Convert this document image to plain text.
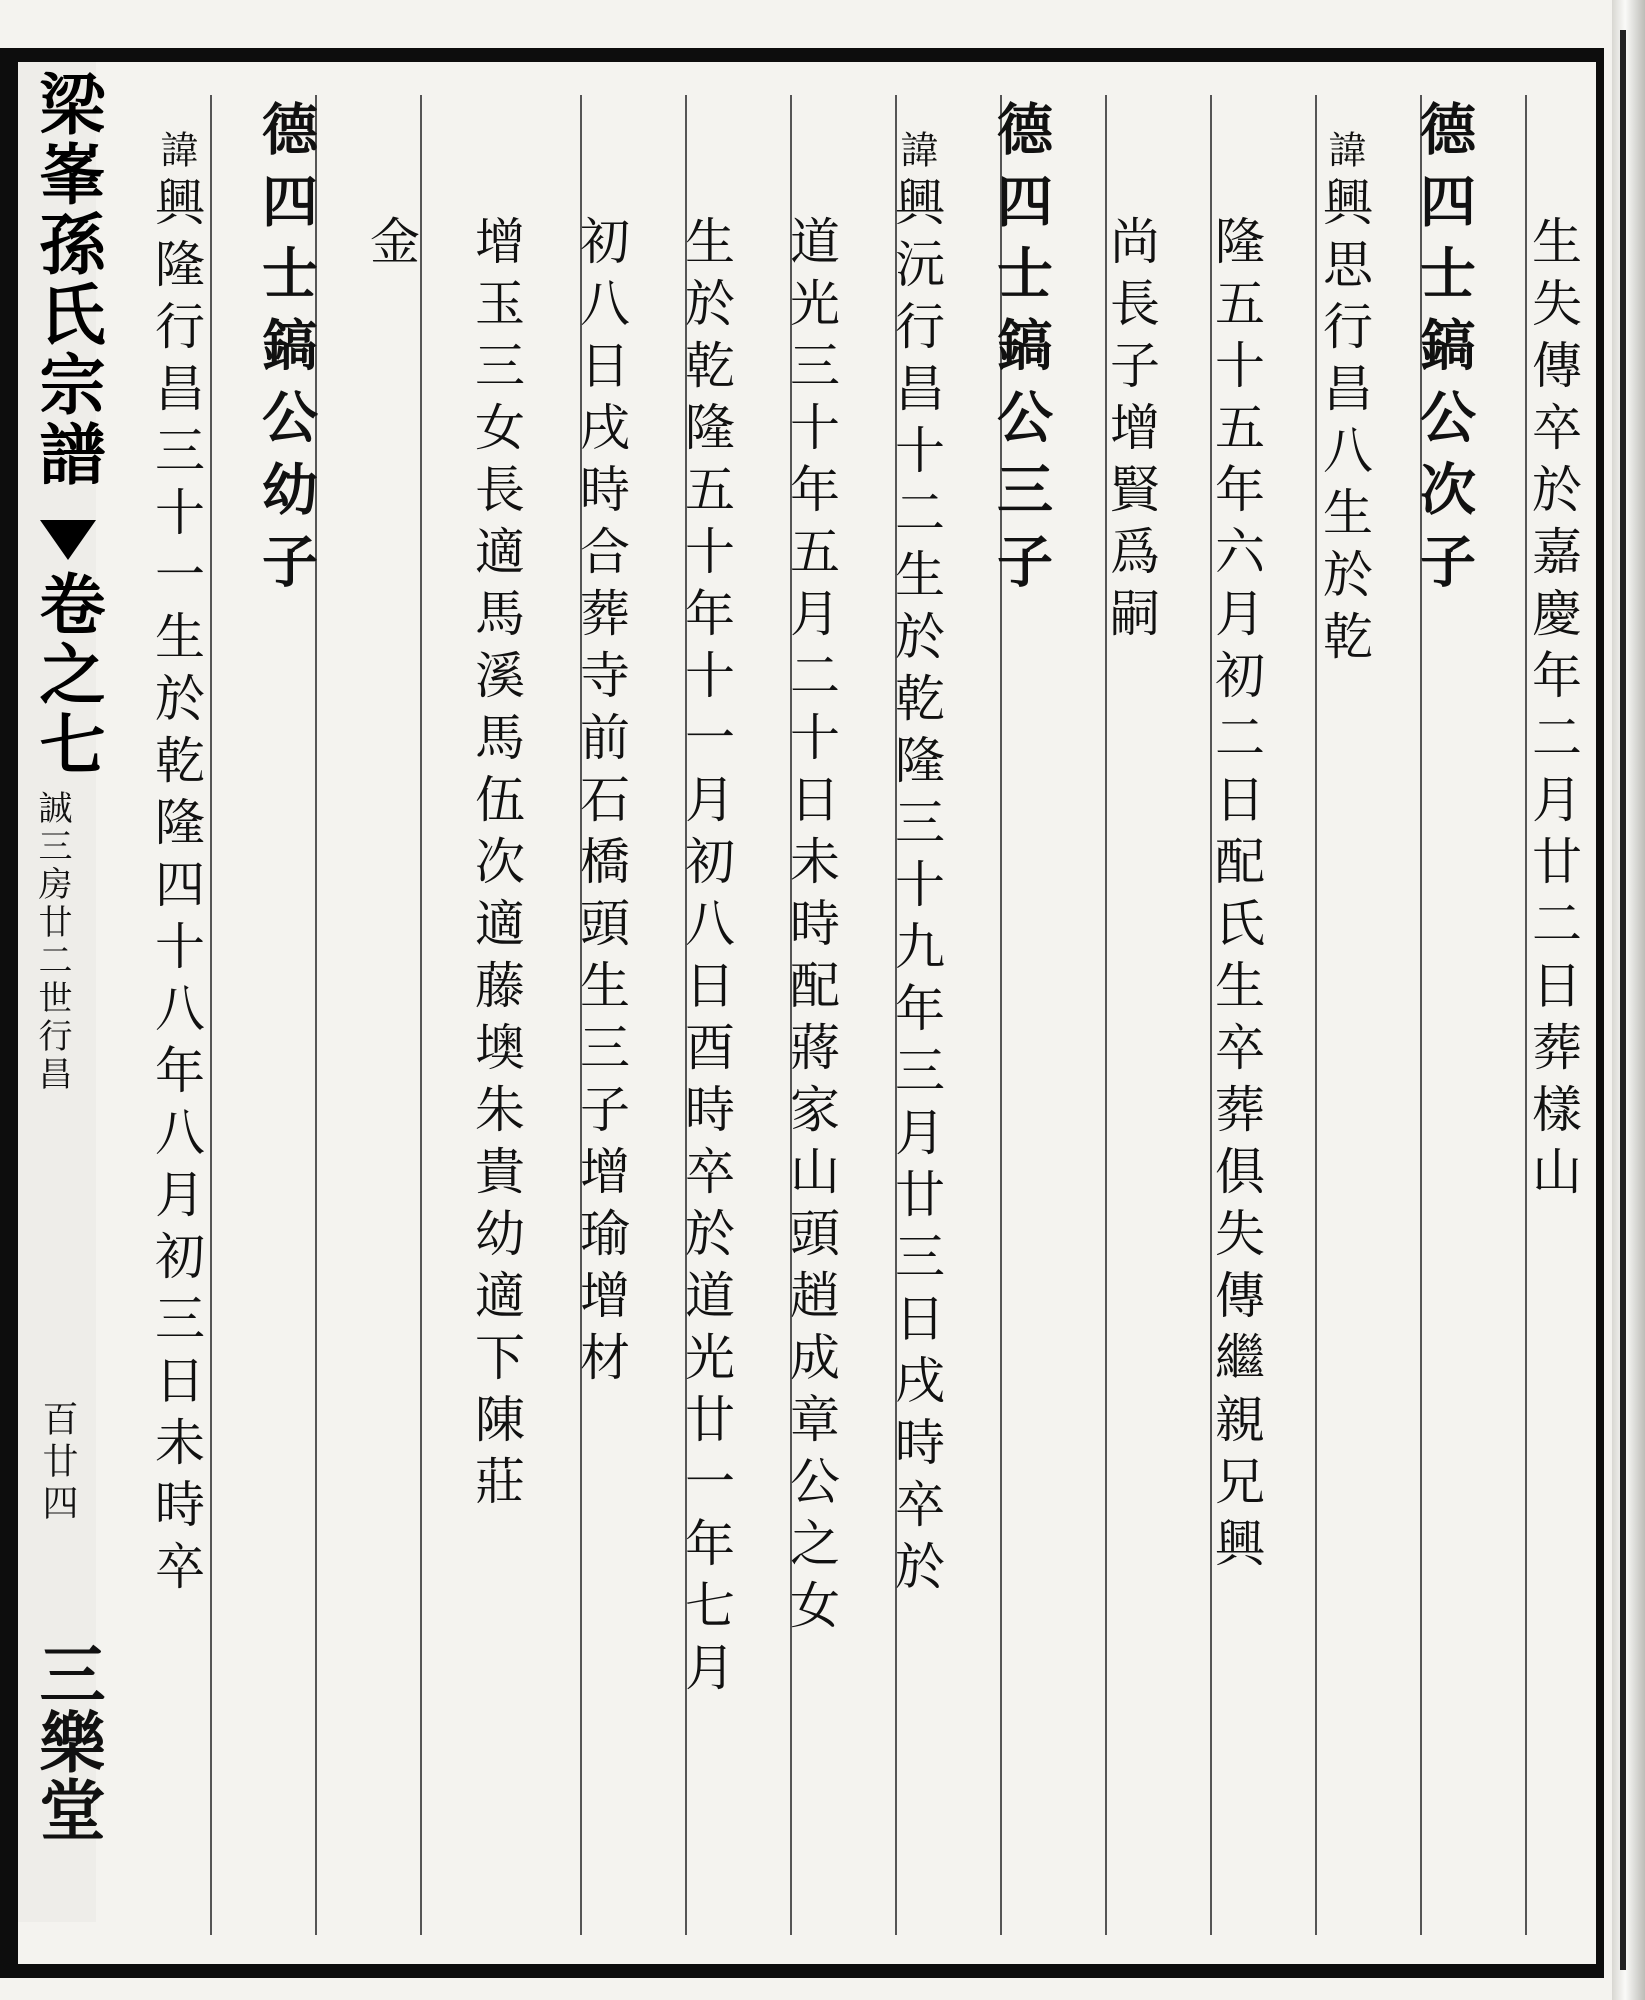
梁峯孫氏宗譜
卷之七
誠三房廿二世行昌
百廿四
三樂堂
生失傳卒於嘉慶年二月廿二日葬樣山
德四士鎬公次子
諱興思行昌八生於乾
隆五十五年六月初二日配氏生卒葬俱失傳繼親兄興
尚長子增賢爲嗣
德四士鎬公三子
諱興沅行昌十二生於乾隆三十九年三月廿三日戌時卒於
道光三十年五月二十日未時配蔣家山頭趙成章公之女
生於乾隆五十年十一月初八日酉時卒於道光廿一年七月
初八日戌時合葬寺前石橋頭生三子增瑜增材
增玉三女長適馬溪馬伍次適藤墺朱貴幼適下陳莊
金
德四士鎬公幼子
諱興隆行昌三十一生於乾隆四十八年八月初三日未時卒
